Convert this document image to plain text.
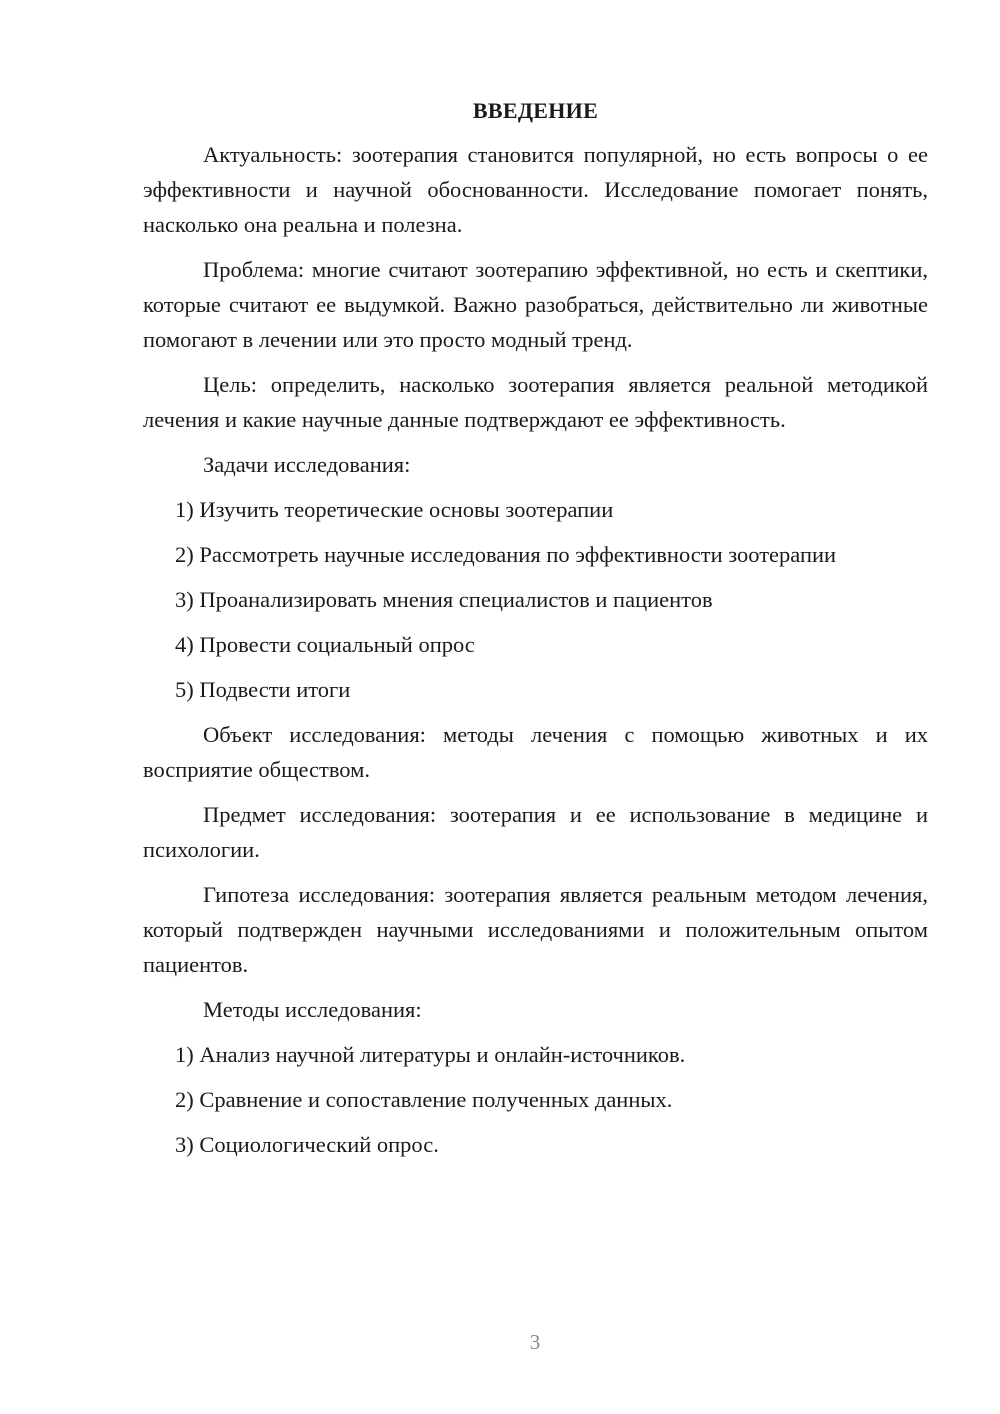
ВВЕДЕНИЕ

Актуальность: зоотерапия становится популярной, но есть вопросы о ее эффективности и научной обоснованности. Исследование помогает понять, насколько она реальна и полезна.

Проблема: многие считают зоотерапию эффективной, но есть и скептики, которые считают ее выдумкой. Важно разобраться, действительно ли животные помогают в лечении или это просто модный тренд.

Цель: определить, насколько зоотерапия является реальной методикой лечения и какие научные данные подтверждают ее эффективность.

Задачи исследования:
1) Изучить теоретические основы зоотерапии
2) Рассмотреть научные исследования по эффективности зоотерапии
3) Проанализировать мнения специалистов и пациентов
4) Провести социальный опрос
5) Подвести итоги

Объект исследования: методы лечения с помощью животных и их восприятие обществом.

Предмет исследования: зоотерапия и ее использование в медицине и психологии.

Гипотеза исследования: зоотерапия является реальным методом лечения, который подтвержден научными исследованиями и положительным опытом пациентов.

Методы исследования:
1) Анализ научной литературы и онлайн-источников.
2) Сравнение и сопоставление полученных данных.
3) Социологический опрос.
3
